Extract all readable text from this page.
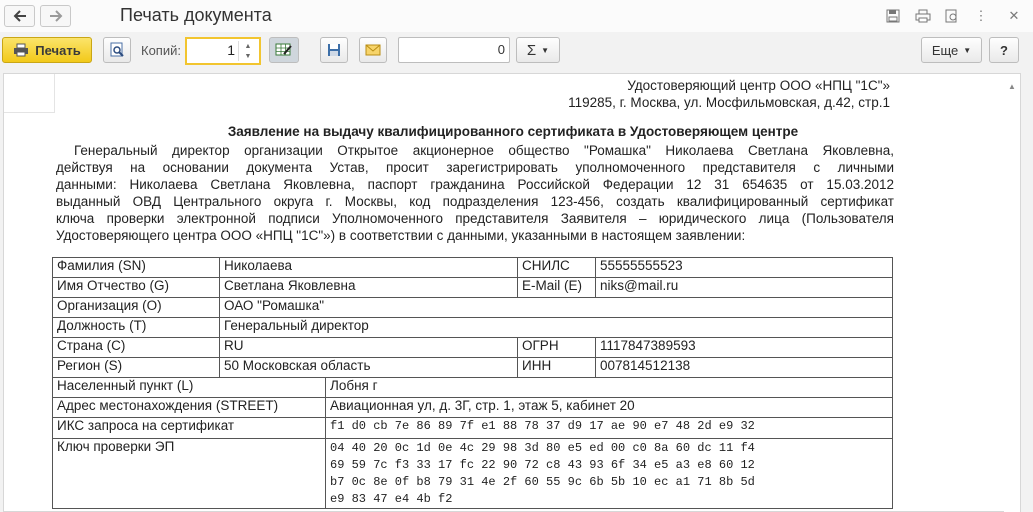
Печать документа	⋮ ✕
Печать	Копий:	1 ▲
▼	0 Σ ▼	Еще ▼	?
Удостоверяющий центр ООО «НПЦ "1С"»
119285, г. Москва, ул. Мосфильмовская, д.42, стр.1
Заявление на выдачу квалифицированного сертификата в Удостоверяющем центре
Генеральный директор организации Открытое акционерное общество "Ромашка" Николаева Светлана Яковлевна,
действуя на основании документа Устав, просит зарегистрировать уполномоченного представителя с личными
данными: Николаева Светлана Яковлевна, паспорт гражданина Российской Федерации 12 31 654635 от 15.03.2012
выданный ОВД Центрального округа г. Москвы, код подразделения 123-456, создать квалифицированный сертификат
ключа проверки электронной подписи Уполномоченного представителя Заявителя – юридического лица (Пользователя
Удостоверяющего центра ООО «НПЦ "1С"») в соответствии с данными, указанными в настоящем заявлении:
Фамилия (SN)	Николаева		СНИЛС	55555555523
Имя Отчество (G)	Светлана Яковлевна		E-Mail (E)	niks@mail.ru
Организация (O)	ОАО "Ромашка"			
Должность (T)	Генеральный директор			
Страна (C)	RU		ОГРН	1117847389593
Регион (S)	50 Московская область		ИНН	007814512138
Населенный пункт (L)		Лобня г		
Адрес местонахождения (STREET)		Авиационная ул, д. 3Г, стр. 1, этаж 5, кабинет 20		
ИКС запроса на сертификат		f1 d0 cb 7e 86 89 7f e1 88 78 37 d9 17 ae 90 e7 48 2d e9 32		
Ключ проверки ЭП		04 40 20 0c 1d 0e 4c 29 98 3d 80 e5 ed 00 c0 8a 60 dc 11 f4
69 59 7c f3 33 17 fc 22 90 72 c8 43 93 6f 34 e5 a3 e8 60 12
b7 0c 8e 0f b8 79 31 4e 2f 60 55 9c 6b 5b 10 ec a1 71 8b 5d
e9 83 47 e4 4b f2		
▲
